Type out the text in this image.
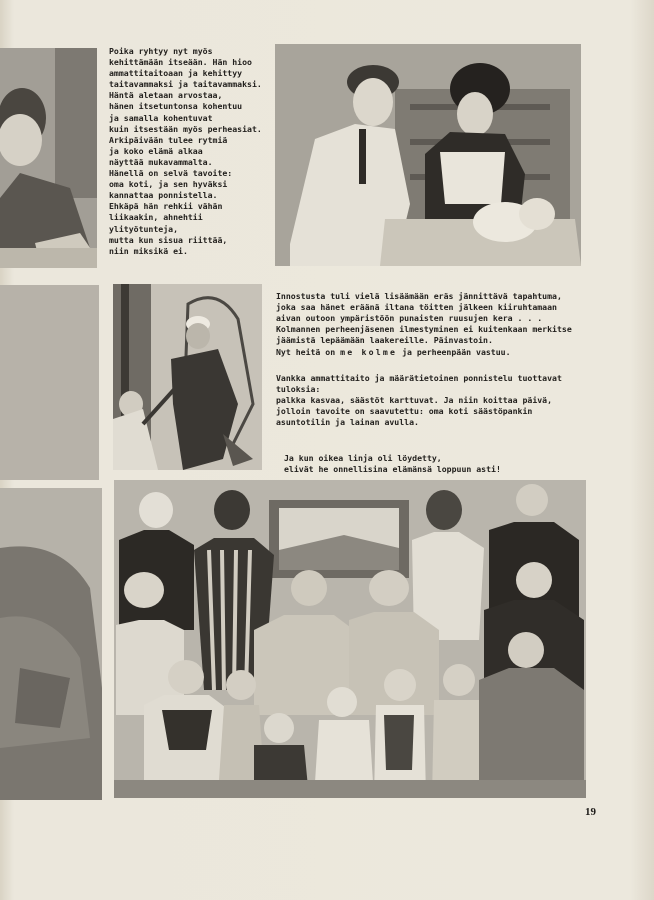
Poika ryhtyy nyt myös
kehittämään itseään. Hän hioo
ammattitaitoaan ja kehittyy
taitavammaksi ja taitavammaksi.
Häntä aletaan arvostaa,
hänen itsetuntonsa kohentuu
ja samalla kohentuvat
kuin itsestään myös perheasiat.
Arkipäivään tulee rytmiä
ja koko elämä alkaa
näyttää mukavammalta.
Hänellä on selvä tavoite:
oma koti, ja sen hyväksi
kannattaa ponnistella.
Ehkäpä hän rehkii vähän
liikaakin, ahnehtii ylityötunteja,
mutta kun sisua riittää,
niin miksikä ei.

Innostusta tuli vielä lisäämään eräs jännittävä tapahtuma,
joka saa hänet eräänä iltana töitten jälkeen kiiruhtamaan
aivan outoon ympäristöön punaisten ruusujen kera . . .
Kolmannen perheenjäsenen ilmestyminen ei kuitenkaan merkitse
jäämistä lepäämään laakereille. Päinvastoin.

Nyt heitä on me kolme ja perheenpään vastuu.

Vankka ammattitaito ja määrätietoinen ponnistelu tuottavat tuloksia:
palkka kasvaa, säästöt karttuvat. Ja niin koittaa päivä,
jolloin tavoite on saavutettu: oma koti säästöpankin
asuntotilin ja lainan avulla.

Ja kun oikea linja oli löydetty,
elivät he onnellisina elämänsä loppuun asti!

19
